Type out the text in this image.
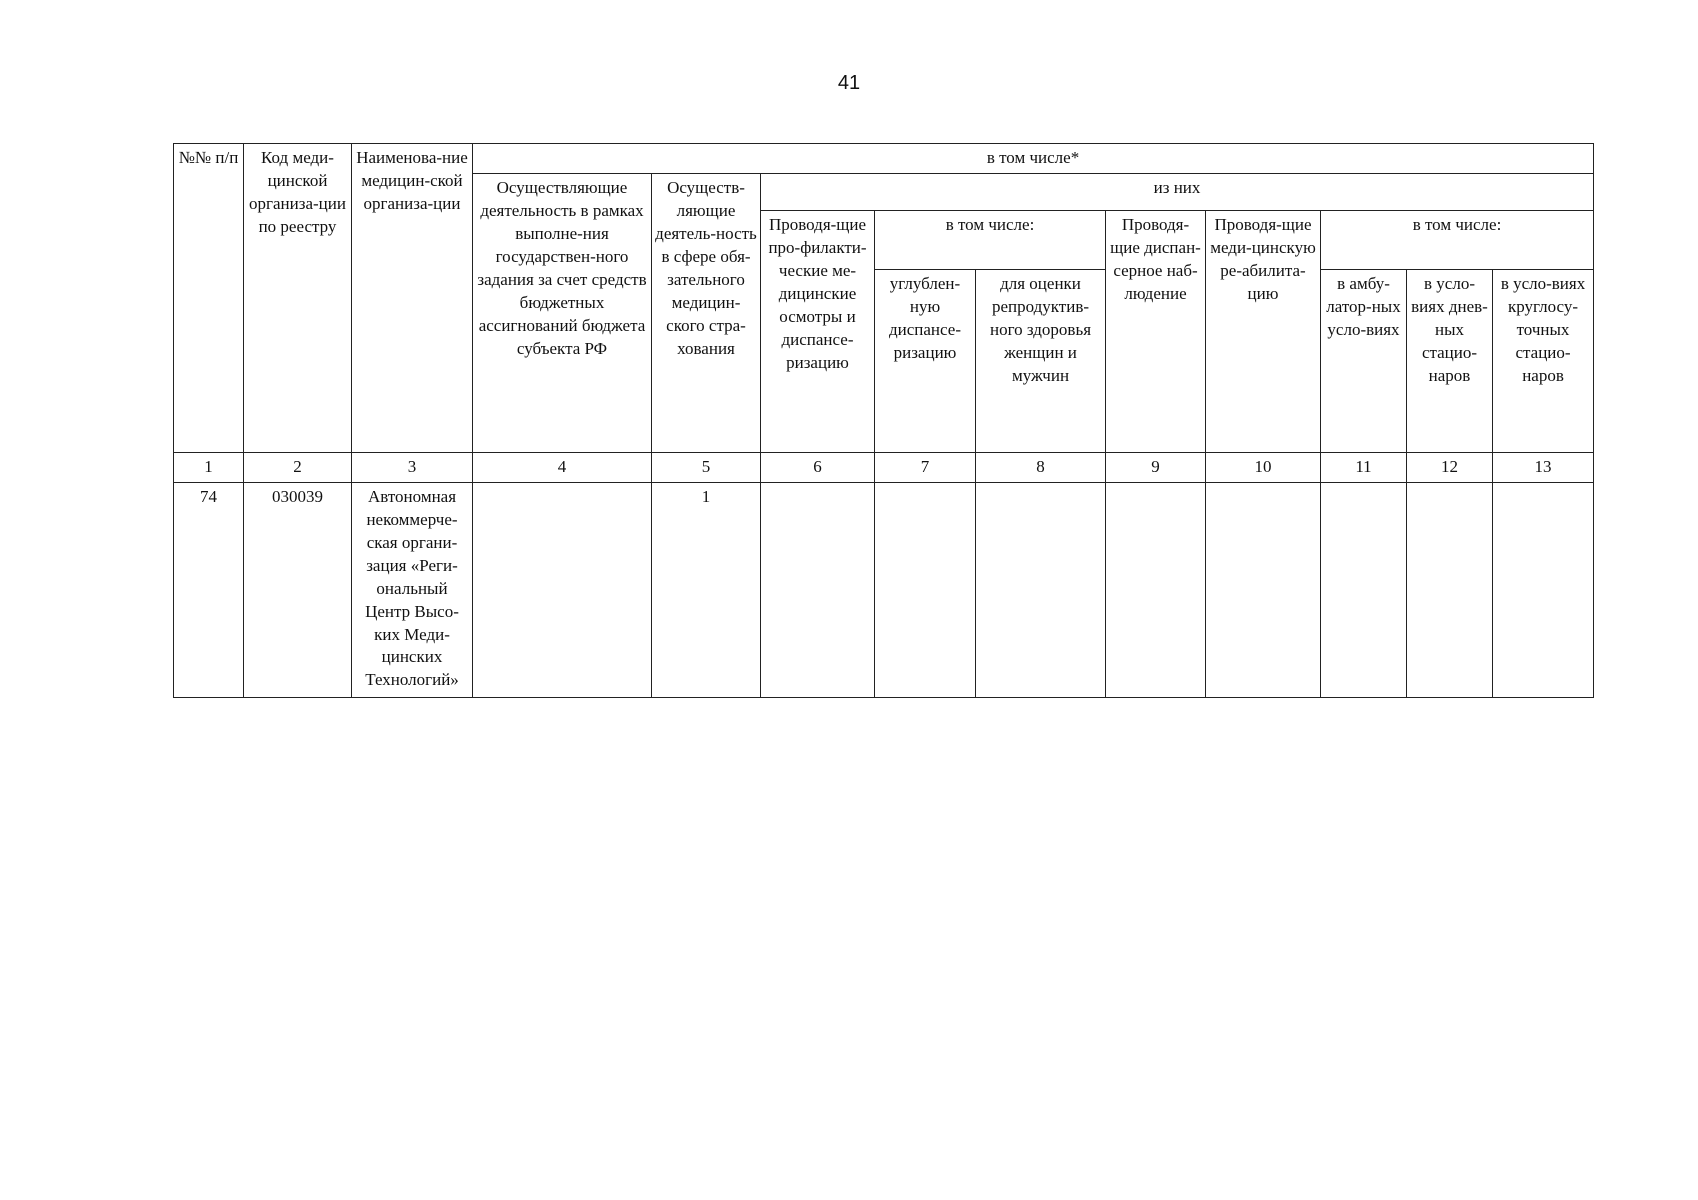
41
№№ п/п	Код меди-цинской организа-ции по реестру	Наименова-ние медицин-ской организа-ции	в том числе*									
			Осуществляющие деятельность в рамках выполне-ния государствен-ного задания за счет средств бюджетных ассигнований бюджета субъекта РФ	Осуществ-ляющие деятель-ность в сфере обя-зательного медицин-ского стра-хования	из них							
					Проводя-щие про-филакти-ческие ме-дицинские осмотры и диспансе-ризацию	в том числе:		Проводя-щие диспан-серное наб-людение	Проводя-щие меди-цинскую ре-абилита-цию	в том числе:		
						углублен-ную диспансе-ризацию	для оценки репродуктив-ного здоровья женщин и мужчин			в амбу-латор-ных усло-виях	в усло-виях днев-ных стацио-наров	в усло-виях круглосу-точных стацио-наров
1	2	3	4	5	6	7	8	9	10	11	12	13
74	030039	Автономная некоммерче-ская органи-зация «Реги-ональный Центр Высо-ких Меди-цинских Технологий»		1								
